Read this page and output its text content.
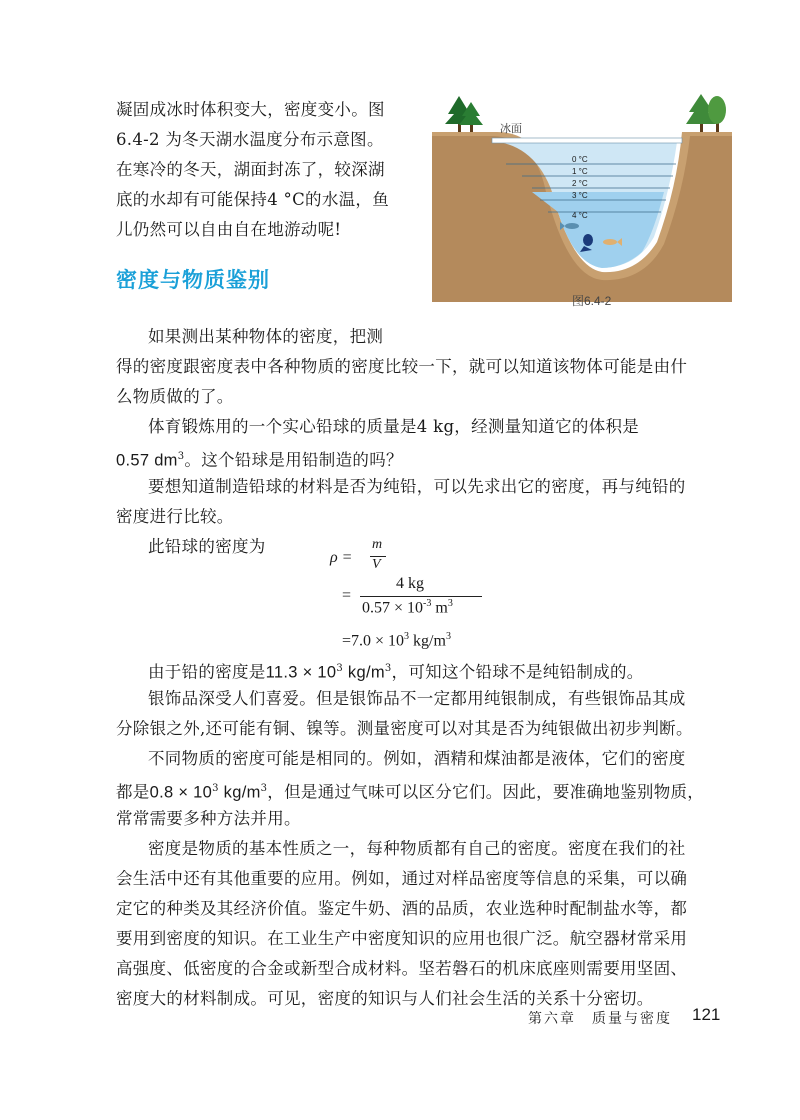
凝固成冰时体积变大，密度变小。图
6.4-2 为冬天湖水温度分布示意图。
在寒冷的冬天，湖面封冻了，较深湖
底的水却有可能保持4 °C的水温，鱼
儿仍然可以自由自在地游动呢!
0 °C
1 °C
2 °C
3 °C
4 °C
冰面
图6.4-2
密度与物质鉴别
如果测出某种物体的密度，把测
得的密度跟密度表中各种物质的密度比较一下，就可以知道该物体可能是由什
么物质做的了。
体育锻炼用的一个实心铅球的质量是4 kg，经测量知道它的体积是
0.57 $dm^3$。这个铅球是用铅制造的吗？
要想知道制造铅球的材料是否为纯铅，可以先求出它的密度，再与纯铅的
密度进行比较。
此铅球的密度为
ρ =
m
V
=
4 kg
$0.57 \times 10^{-3}$ $m^3$
$=7.0 \times 10^3$ $kg/m^3$
由于铅的密度是$11.3 \times 10^3$ $kg/m^3$，可知这个铅球不是纯铅制成的。
银饰品深受人们喜爱。但是银饰品不一定都用纯银制成，有些银饰品其成
分除银之外,还可能有铜、镍等。测量密度可以对其是否为纯银做出初步判断。
不同物质的密度可能是相同的。例如，酒精和煤油都是液体，它们的密度
都是$0.8 \times 10^3$ $kg/m^3$，但是通过气味可以区分它们。因此，要准确地鉴别物质，
常常需要多种方法并用。
密度是物质的基本性质之一，每种物质都有自己的密度。密度在我们的社
会生活中还有其他重要的应用。例如，通过对样品密度等信息的采集，可以确
定它的种类及其经济价值。鉴定牛奶、酒的品质，农业选种时配制盐水等，都
要用到密度的知识。在工业生产中密度知识的应用也很广泛。航空器材常采用
高强度、低密度的合金或新型合成材料。坚若磐石的机床底座则需要用坚固、
密度大的材料制成。可见，密度的知识与人们社会生活的关系十分密切。
第六章　质量与密度 121
